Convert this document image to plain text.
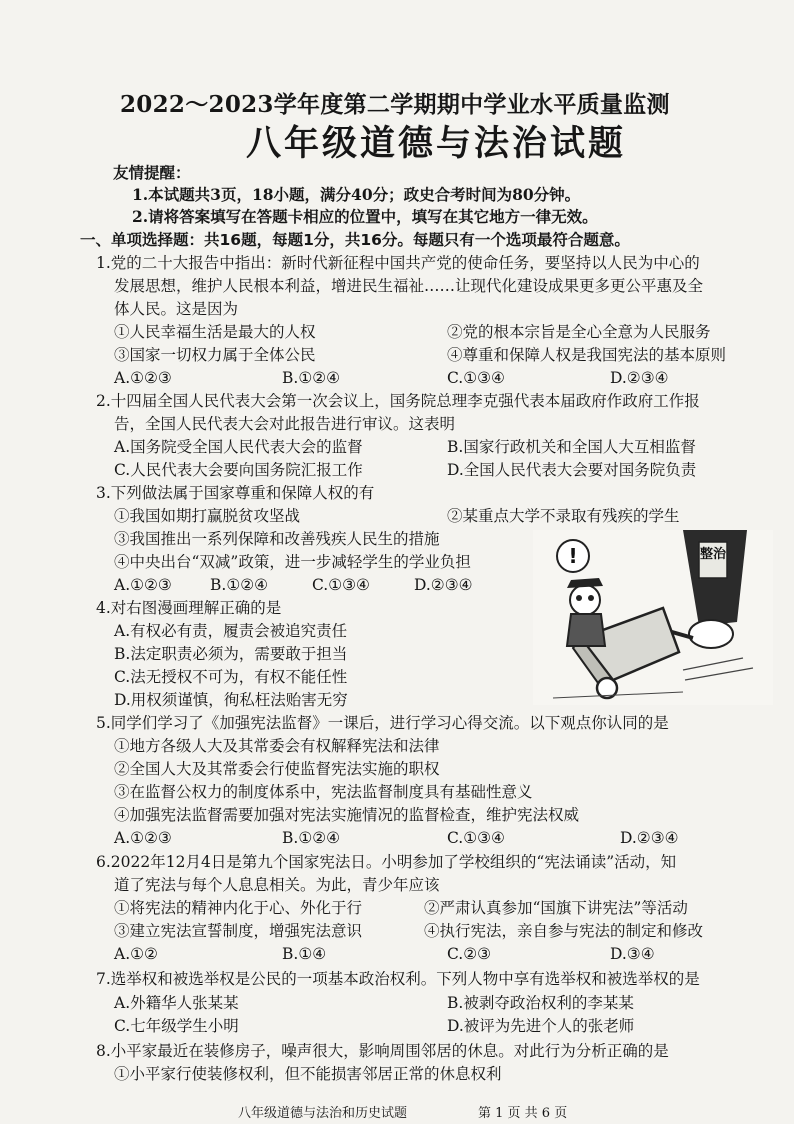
2022～2023学年度第二学期期中学业水平质量监测
八年级道德与法治试题
友情提醒：
1.本试题共3页，18小题，满分40分；政史合考时间为80分钟。
2.请将答案填写在答题卡相应的位置中，填写在其它地方一律无效。
一、单项选择题：共16题，每题1分，共16分。每题只有一个选项最符合题意。
1.党的二十大报告中指出：新时代新征程中国共产党的使命任务，要坚持以人民为中心的
发展思想，维护人民根本利益，增进民生福祉……让现代化建设成果更多更公平惠及全
体人民。这是因为
①人民幸福生活是最大的人权	②党的根本宗旨是全心全意为人民服务
③国家一切权力属于全体公民	④尊重和保障人权是我国宪法的基本原则
A.①②③	B.①②④	C.①③④	D.②③④
2.十四届全国人民代表大会第一次会议上，国务院总理李克强代表本届政府作政府工作报
告，全国人民代表大会对此报告进行审议。这表明
A.国务院受全国人民代表大会的监督	B.国家行政机关和全国人大互相监督
C.人民代表大会要向国务院汇报工作	D.全国人民代表大会要对国务院负责
3.下列做法属于国家尊重和保障人权的有
①我国如期打赢脱贫攻坚战	②某重点大学不录取有残疾的学生
③我国推出一系列保障和改善残疾人民生的措施
④中央出台“双减”政策，进一步减轻学生的学业负担
A.①②③ B.①②④	C.①③④	D.②③④
4.对右图漫画理解正确的是
A.有权必有责，履责会被追究责任
B.法定职责必须为，需要敢于担当
C.法无授权不可为，有权不能任性
D.用权须谨慎，徇私枉法贻害无穷
整治
!
5.同学们学习了《加强宪法监督》一课后，进行学习心得交流。以下观点你认同的是
①地方各级人大及其常委会有权解释宪法和法律
②全国人大及其常委会行使监督宪法实施的职权
③在监督公权力的制度体系中，宪法监督制度具有基础性意义
④加强宪法监督需要加强对宪法实施情况的监督检查，维护宪法权威
A.①②③	B.①②④	C.①③④	D.②③④
6.2022年12月4日是第九个国家宪法日。小明参加了学校组织的“宪法诵读”活动，知
道了宪法与每个人息息相关。为此，青少年应该
①将宪法的精神内化于心、外化于行	②严肃认真参加“国旗下讲宪法”等活动
③建立宪法宣誓制度，增强宪法意识	④执行宪法，亲自参与宪法的制定和修改
A.①②	B.①④	C.②③	D.③④
7.选举权和被选举权是公民的一项基本政治权利。下列人物中享有选举权和被选举权的是
A.外籍华人张某某	B.被剥夺政治权利的李某某
C.七年级学生小明	D.被评为先进个人的张老师
8.小平家最近在装修房子，噪声很大，影响周围邻居的休息。对此行为分析正确的是
①小平家行使装修权利，但不能损害邻居正常的休息权利
八年级道德与法治和历史试题	第 1 页 共 6 页
